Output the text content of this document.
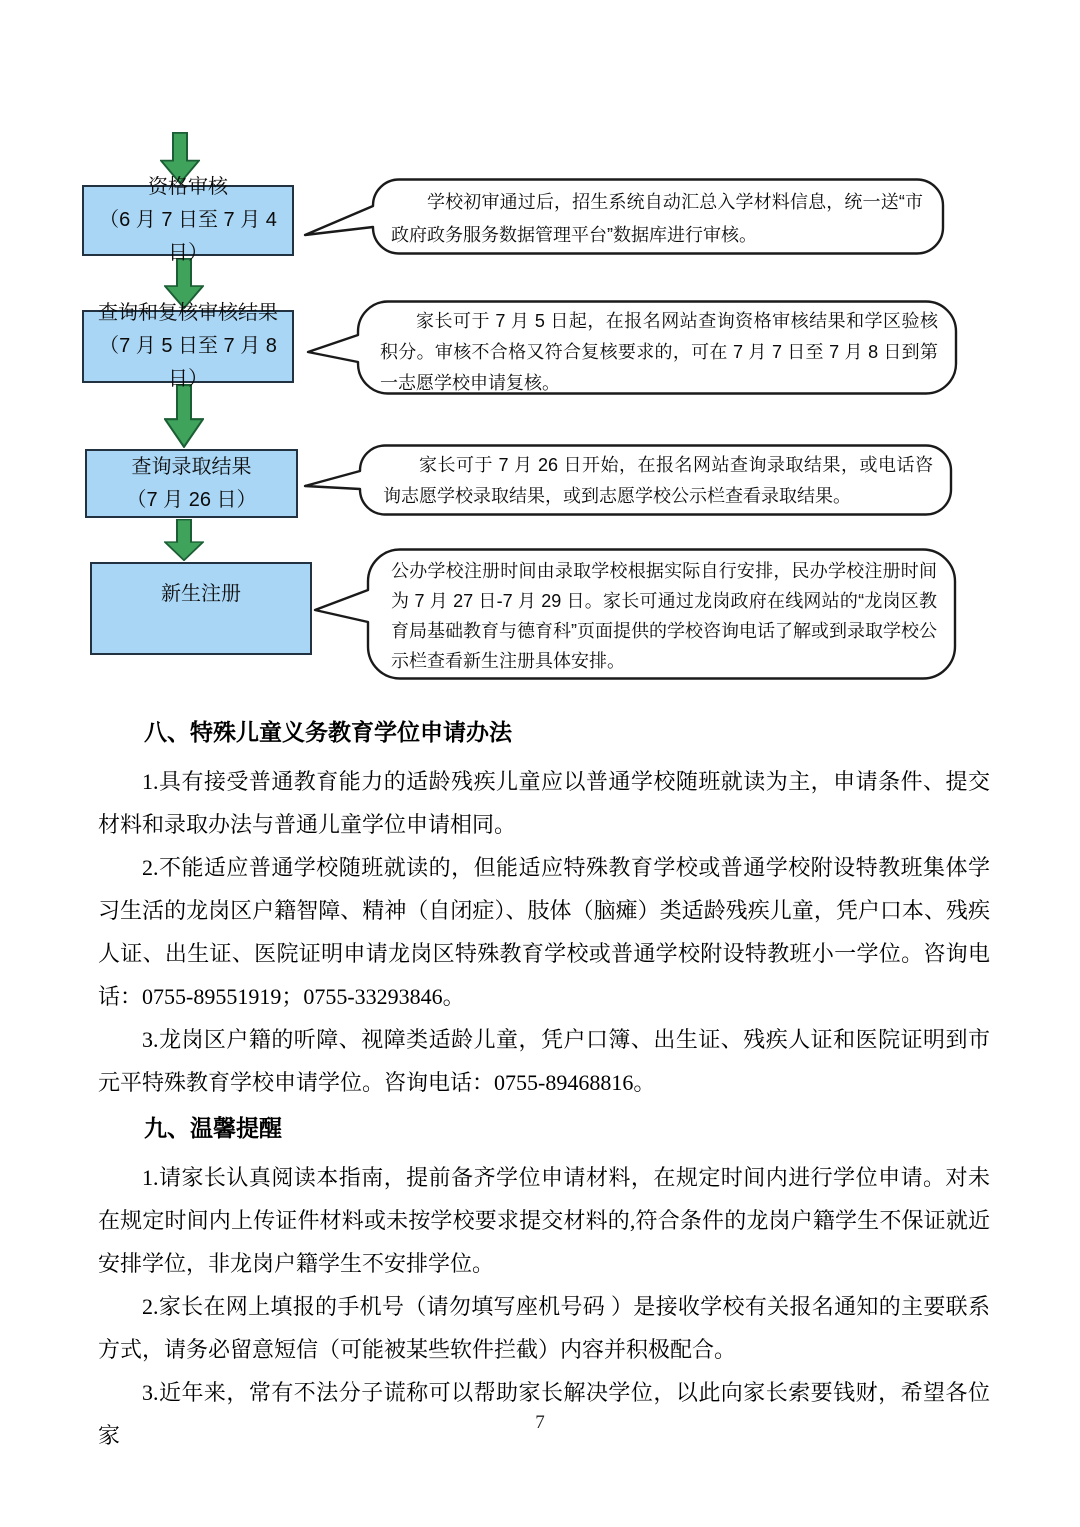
资格审核
（6 月 7 日至 7 月 4 日）
查询和复核审核结果
（7 月 5 日至 7 月 8 日）
查询录取结果
（7 月 26 日）
新生注册
学校初审通过后，招生系统自动汇总入学材料信息，统一送“市政府政务服务数据管理平台”数据库进行审核。
家长可于 7 月 5 日起，在报名网站查询资格审核结果和学区验核积分。审核不合格又符合复核要求的，可在 7 月 7 日至 7 月 8 日到第一志愿学校申请复核。
家长可于 7 月 26 日开始，在报名网站查询录取结果，或电话咨询志愿学校录取结果，或到志愿学校公示栏查看录取结果。
公办学校注册时间由录取学校根据实际自行安排，民办学校注册时间为 7 月 27 日-7 月 29 日。家长可通过龙岗政府在线网站的“龙岗区教育局基础教育与德育科”页面提供的学校咨询电话了解或到录取学校公示栏查看新生注册具体安排。
八、特殊儿童义务教育学位申请办法

1.具有接受普通教育能力的适龄残疾儿童应以普通学校随班就读为主，申请条件、提交材料和录取办法与普通儿童学位申请相同。

2.不能适应普通学校随班就读的，但能适应特殊教育学校或普通学校附设特教班集体学习生活的龙岗区户籍智障、精神（自闭症）、肢体（脑瘫）类适龄残疾儿童，凭户口本、残疾人证、出生证、医院证明申请龙岗区特殊教育学校或普通学校附设特教班小一学位。咨询电话：0755-89551919；0755-33293846。

3.龙岗区户籍的听障、视障类适龄儿童，凭户口簿、出生证、残疾人证和医院证明到市元平特殊教育学校申请学位。咨询电话：0755-89468816。

九、温馨提醒

1.请家长认真阅读本指南，提前备齐学位申请材料，在规定时间内进行学位申请。对未在规定时间内上传证件材料或未按学校要求提交材料的,符合条件的龙岗户籍学生不保证就近安排学位，非龙岗户籍学生不安排学位。

2.家长在网上填报的手机号（请勿填写座机号码 ）是接收学校有关报名通知的主要联系方式，请务必留意短信（可能被某些软件拦截）内容并积极配合。

3.近年来，常有不法分子谎称可以帮助家长解决学位，以此向家长索要钱财，希望各位家

7
